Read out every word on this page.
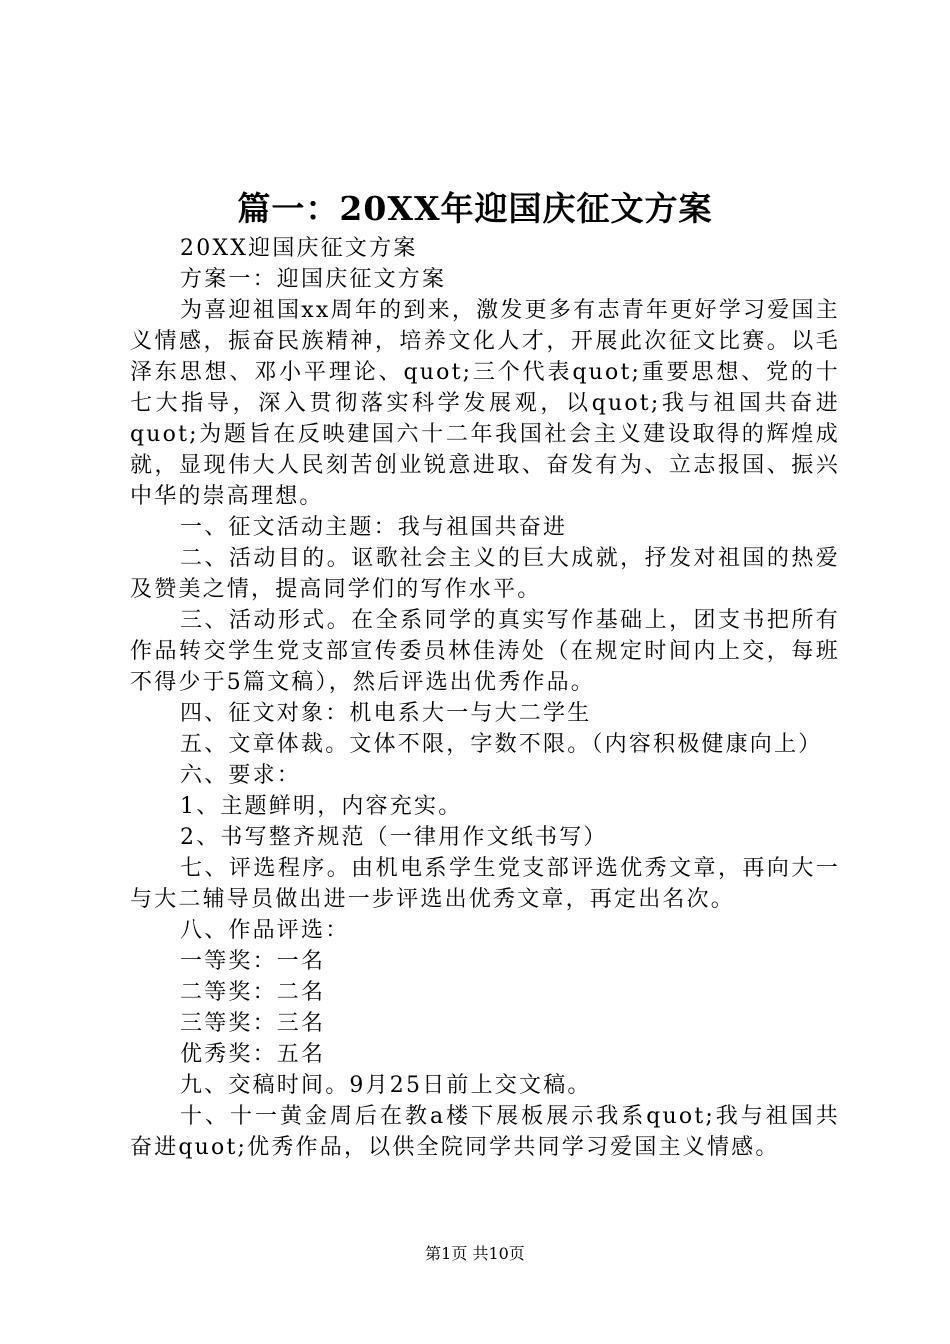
篇一：20XX年迎国庆征文方案

20XX迎国庆征文方案

方案一：迎国庆征文方案

为喜迎祖国xx周年的到来，激发更多有志青年更好学习爱国主义情感，振奋民族精神，培养文化人才，开展此次征文比赛。以毛泽东思想、邓小平理论、quot;三个代表quot;重要思想、党的十七大指导，深入贯彻落实科学发展观，以quot;我与祖国共奋进quot;为题旨在反映建国六十二年我国社会主义建设取得的辉煌成就，显现伟大人民刻苦创业锐意进取、奋发有为、立志报国、振兴中华的崇高理想。

一、征文活动主题：我与祖国共奋进

二、活动目的。讴歌社会主义的巨大成就，抒发对祖国的热爱及赞美之情，提高同学们的写作水平。

三、活动形式。在全系同学的真实写作基础上，团支书把所有作品转交学生党支部宣传委员林佳涛处（在规定时间内上交，每班不得少于5篇文稿），然后评选出优秀作品。

四、征文对象：机电系大一与大二学生

五、文章体裁。文体不限，字数不限。（内容积极健康向上）

六、要求：

1、主题鲜明，内容充实。

2、书写整齐规范（一律用作文纸书写）

七、评选程序。由机电系学生党支部评选优秀文章，再向大一与大二辅导员做出进一步评选出优秀文章，再定出名次。

八、作品评选：

一等奖：一名

二等奖：二名

三等奖：三名

优秀奖：五名

九、交稿时间。9月25日前上交文稿。

十、十一黄金周后在教a楼下展板展示我系quot;我与祖国共奋进quot;优秀作品，以供全院同学共同学习爱国主义情感。

第1页 共10页
